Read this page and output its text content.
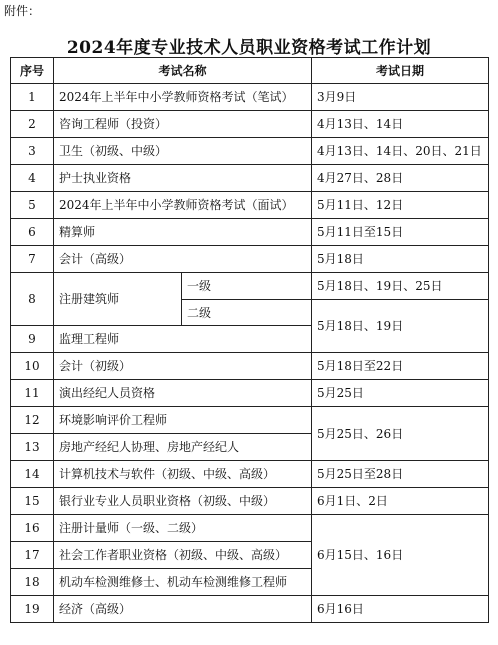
附件：
2024年度专业技术人员职业资格考试工作计划
序号	考试名称		考试日期
1	2024年上半年中小学教师资格考试（笔试）		3月9日
2	咨询工程师（投资）		4月13日、14日
3	卫生（初级、中级）		4月13日、14日、20日、21日
4	护士执业资格		4月27日、28日
5	2024年上半年中小学教师资格考试（面试）		5月11日、12日
6	精算师		5月11日至15日
7	会计（高级）		5月18日
8	注册建筑师	一级	5月18日、19日、25日
		二级	5月18日、19日
9	监理工程师		
10	会计（初级）		5月18日至22日
11	演出经纪人员资格		5月25日
12	环境影响评价工程师		5月25日、26日
13	房地产经纪人协理、房地产经纪人		
14	计算机技术与软件（初级、中级、高级）		5月25日至28日
15	银行业专业人员职业资格（初级、中级）		6月1日、2日
16	注册计量师（一级、二级）		6月15日、16日
17	社会工作者职业资格（初级、中级、高级）		
18	机动车检测维修士、机动车检测维修工程师		
19	经济（高级）		6月16日
